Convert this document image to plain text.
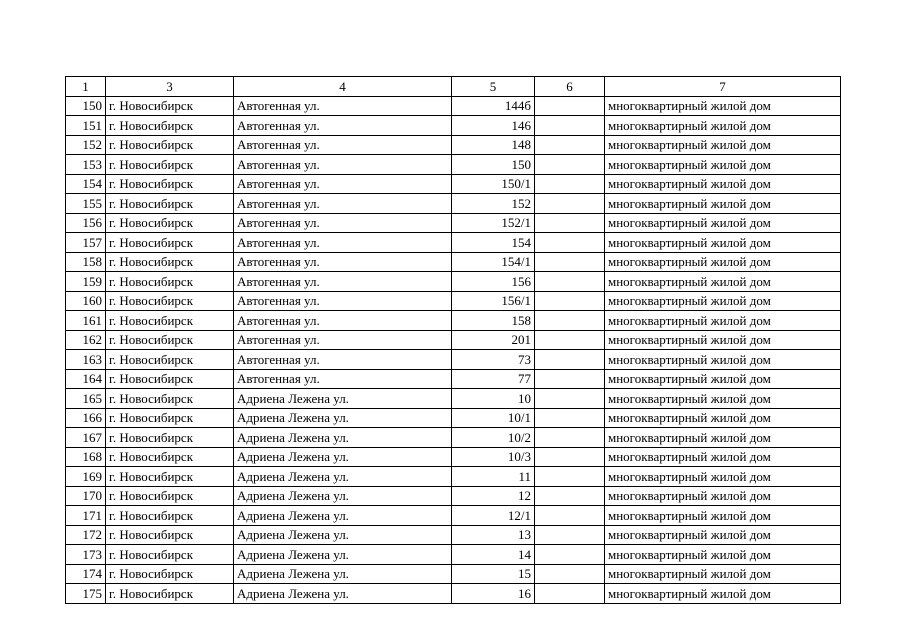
1	3	4	5	6	7
150	г. Новосибирск	Автогенная ул.	144б		многоквартирный жилой дом
151	г. Новосибирск	Автогенная ул.	146		многоквартирный жилой дом
152	г. Новосибирск	Автогенная ул.	148		многоквартирный жилой дом
153	г. Новосибирск	Автогенная ул.	150		многоквартирный жилой дом
154	г. Новосибирск	Автогенная ул.	150/1		многоквартирный жилой дом
155	г. Новосибирск	Автогенная ул.	152		многоквартирный жилой дом
156	г. Новосибирск	Автогенная ул.	152/1		многоквартирный жилой дом
157	г. Новосибирск	Автогенная ул.	154		многоквартирный жилой дом
158	г. Новосибирск	Автогенная ул.	154/1		многоквартирный жилой дом
159	г. Новосибирск	Автогенная ул.	156		многоквартирный жилой дом
160	г. Новосибирск	Автогенная ул.	156/1		многоквартирный жилой дом
161	г. Новосибирск	Автогенная ул.	158		многоквартирный жилой дом
162	г. Новосибирск	Автогенная ул.	201		многоквартирный жилой дом
163	г. Новосибирск	Автогенная ул.	73		многоквартирный жилой дом
164	г. Новосибирск	Автогенная ул.	77		многоквартирный жилой дом
165	г. Новосибирск	Адриена Лежена ул.	10		многоквартирный жилой дом
166	г. Новосибирск	Адриена Лежена ул.	10/1		многоквартирный жилой дом
167	г. Новосибирск	Адриена Лежена ул.	10/2		многоквартирный жилой дом
168	г. Новосибирск	Адриена Лежена ул.	10/3		многоквартирный жилой дом
169	г. Новосибирск	Адриена Лежена ул.	11		многоквартирный жилой дом
170	г. Новосибирск	Адриена Лежена ул.	12		многоквартирный жилой дом
171	г. Новосибирск	Адриена Лежена ул.	12/1		многоквартирный жилой дом
172	г. Новосибирск	Адриена Лежена ул.	13		многоквартирный жилой дом
173	г. Новосибирск	Адриена Лежена ул.	14		многоквартирный жилой дом
174	г. Новосибирск	Адриена Лежена ул.	15		многоквартирный жилой дом
175	г. Новосибирск	Адриена Лежена ул.	16		многоквартирный жилой дом
